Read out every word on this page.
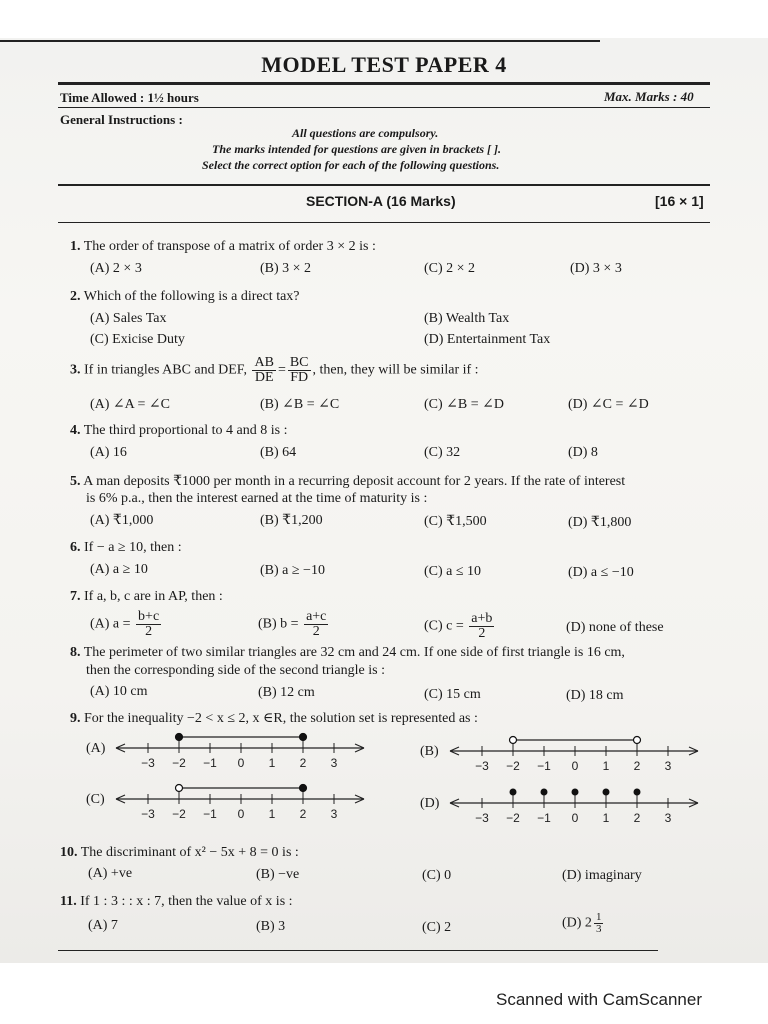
MODEL TEST PAPER 4
Time Allowed : 1½ hours	Max. Marks : 40
General Instructions :
All questions are compulsory.
The marks intended for questions are given in brackets [ ].
Select the correct option for each of the following questions.
SECTION-A (16 Marks)	[16 × 1]
1. The order of transpose of a matrix of order 3 × 2 is :
(A) 2 × 3	(B) 3 × 2	(C) 2 × 2	(D) 3 × 3
2. Which of the following is a direct tax?
(A) Sales Tax	(B) Wealth Tax
(C) Exicise Duty	(D) Entertainment Tax
3. If in triangles ABC and DEF, $\frac{AB}{DE} = \frac{BC}{FD}$ , then, they will be similar if :
(A) ∠A = ∠C	(B) ∠B = ∠C	(C) ∠B = ∠D	(D) ∠C = ∠D
4. The third proportional to 4 and 8 is :
(A) 16	(B) 64	(C) 32	(D) 8
5. A man deposits ₹1000 per month in a recurring deposit account for 2 years. If the rate of interest
is 6% p.a., then the interest earned at the time of maturity is :
(A) ₹1,000	(B) ₹1,200	(C) ₹1,500	(D) ₹1,800
6. If − a ≥ 10, then :
(A) a ≥ 10	(B) a ≥ −10	(C) a ≤ 10	(D) a ≤ −10
7. If a, b, c are in AP, then :
(A) $a = \frac{b+c}{2}$	(B) $b = \frac{a+c}{2}$	(C) $c = \frac{a+b}{2}$	(D) none of these
8. The perimeter of two similar triangles are 32 cm and 24 cm. If one side of first triangle is 16 cm,
then the corresponding side of the second triangle is :
(A) 10 cm	(B) 12 cm	(C) 15 cm	(D) 18 cm
9. For the inequality −2 < x ≤ 2, x ∈R, the solution set is represented as :
(A)
−3 −2 −1 0 1 2 3
(B)
−3 −2 −1 0 1 2 3
(C)
−3 −2 −1 0 1 2 3
(D)
−3 −2 −1 0 1 2 3
10. The discriminant of x² − 5x + 8 = 0 is :
(A) +ve	(B) −ve	(C) 0	(D) imaginary
11. If 1 : 3 : : x : 7, then the value of x is :
(A) 7	(B) 3	(C) 2	(D) $2 \frac{1}{3}$
Scanned with CamScanner
